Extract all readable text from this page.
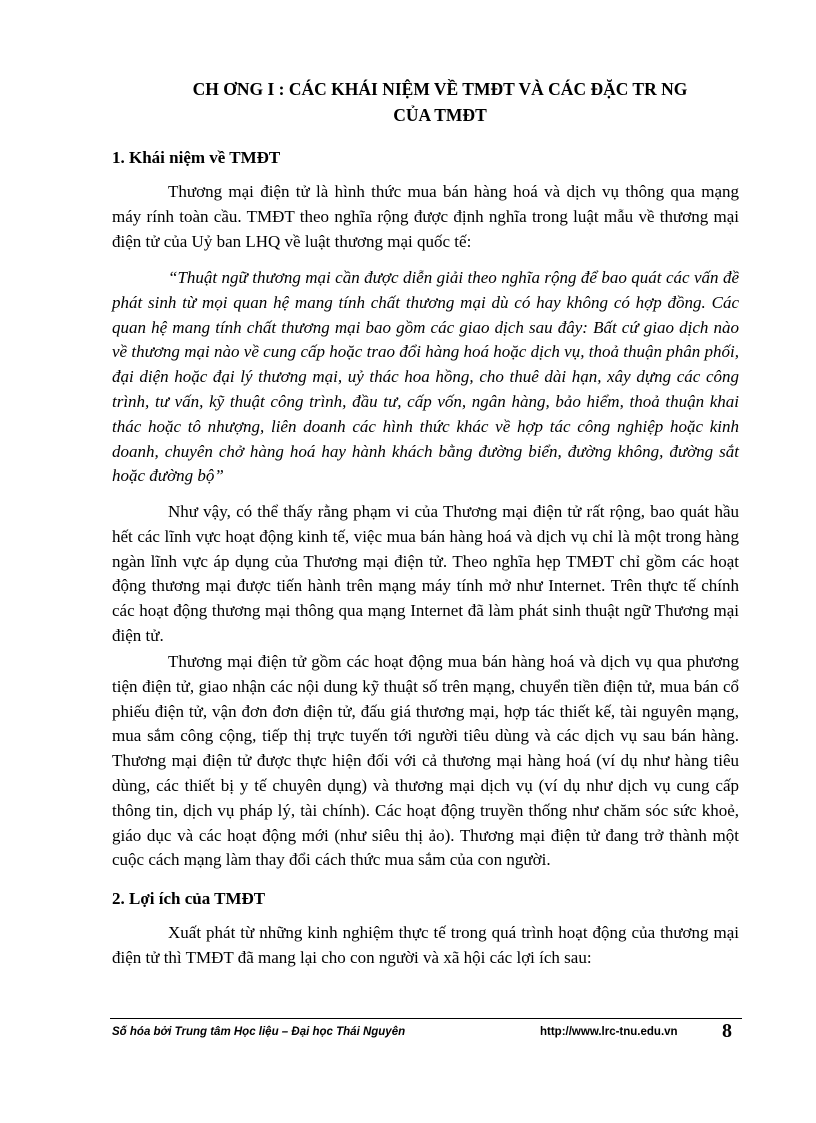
CH ƠNG I : CÁC KHÁI NIỆM VỀ TMĐT VÀ CÁC ĐẶC TR NG
CỦA TMĐT
1. Khái niệm về TMĐT

Thương mại điện tử là hình thức mua bán hàng hoá và dịch vụ thông qua mạng máy rính toàn cầu. TMĐT theo nghĩa rộng được định nghĩa trong luật mẫu về thương mại điện tử của Uỷ ban LHQ về luật thương mại quốc tế:

“Thuật ngữ thương mại cần được diễn giải theo nghĩa rộng để bao quát các vấn đề phát sinh từ mọi quan hệ mang tính chất thương mại dù có hay không có hợp đồng. Các quan hệ mang tính chất thương mại bao gồm các giao dịch sau đây: Bất cứ giao dịch nào về thương mại nào về cung cấp hoặc trao đổi hàng hoá hoặc dịch vụ, thoả thuận phân phối, đại diện hoặc đại lý thương mại, uỷ thác hoa hồng, cho thuê dài hạn, xây dựng các công trình, tư vấn, kỹ thuật công trình, đầu tư, cấp vốn, ngân hàng, bảo hiểm, thoả thuận khai thác hoặc tô nhượng, liên doanh các hình thức khác về hợp tác công nghiệp hoặc kinh doanh, chuyên chở hàng hoá hay hành khách bằng đường biển, đường không, đường sắt hoặc đường bộ”

Như vậy, có thể thấy rằng phạm vi của Thương mại điện tử rất rộng, bao quát hầu hết các lĩnh vực hoạt động kinh tế, việc mua bán hàng hoá và dịch vụ chỉ là một trong hàng ngàn lĩnh vực áp dụng của Thương mại điện tử. Theo nghĩa hẹp TMĐT chỉ gồm các hoạt động thương mại được tiến hành trên mạng máy tính mở như Internet. Trên thực tế chính các hoạt động thương mại thông qua mạng Internet đã làm phát sinh thuật ngữ Thương mại điện tử.

Thương mại điện tử gồm các hoạt động mua bán hàng hoá và dịch vụ qua phương tiện điện tử, giao nhận các nội dung kỹ thuật số trên mạng, chuyển tiền điện tử, mua bán cổ phiếu điện tử, vận đơn đơn điện tử, đấu giá thương mại, hợp tác thiết kế, tài nguyên mạng, mua sắm công cộng, tiếp thị trực tuyến tới người tiêu dùng và các dịch vụ sau bán hàng. Thương mại điện tử được thực hiện đối với cả thương mại hàng hoá (ví dụ như hàng tiêu dùng, các thiết bị y tế chuyên dụng) và thương mại dịch vụ (ví dụ như dịch vụ cung cấp thông tin, dịch vụ pháp lý, tài chính). Các hoạt động truyền thống như chăm sóc sức khoẻ, giáo dục và các hoạt động mới (như siêu thị ảo). Thương mại điện tử đang trở thành một cuộc cách mạng làm thay đổi cách thức mua sắm của con người.

2. Lợi ích của TMĐT

Xuất phát từ những kinh nghiệm thực tế trong quá trình hoạt động của thương mại điện tử thì TMĐT đã mang lại cho con người và xã hội các lợi ích sau:

Số hóa bởi Trung tâm Học liệu – Đại học Thái Nguyên	http://www.lrc-tnu.edu.vn 8
